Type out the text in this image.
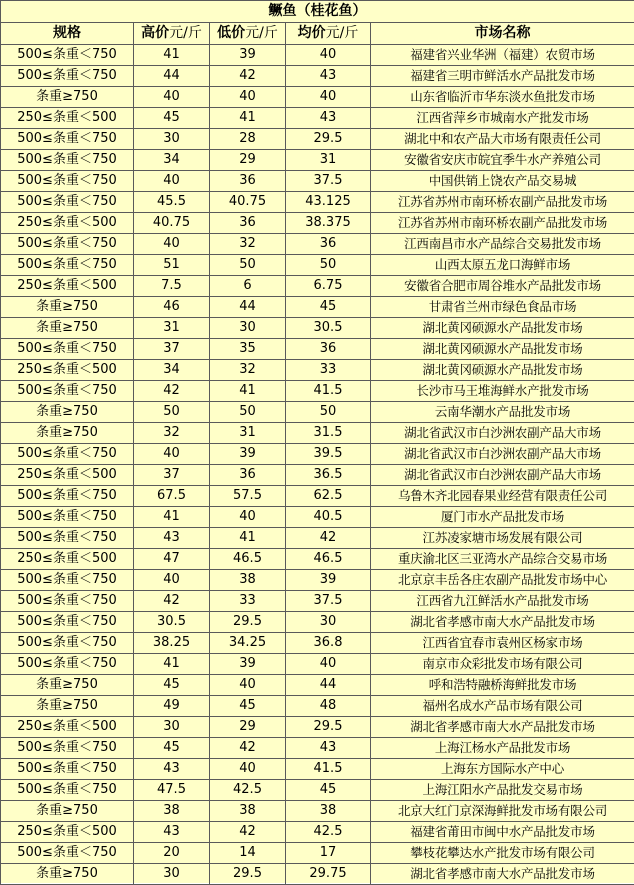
鳜鱼（桂花鱼）				
规格	高价元/斤	低价元/斤	均价元/斤	市场名称
500≤条重＜750	41	39	40	福建省兴业华洲（福建）农贸市场
500≤条重＜750	44	42	43	福建省三明市鲜活水产品批发市场
条重≥750	40	40	40	山东省临沂市华东淡水鱼批发市场
250≤条重＜500	45	41	43	江西省萍乡市城南水产批发市场
500≤条重＜750	30	28	29.5	湖北中和农产品大市场有限责任公司
500≤条重＜750	34	29	31	安徽省安庆市皖宜季牛水产养殖公司
500≤条重＜750	40	36	37.5	中国供销上饶农产品交易城
500≤条重＜750	45.5	40.75	43.125	江苏省苏州市南环桥农副产品批发市场
250≤条重＜500	40.75	36	38.375	江苏省苏州市南环桥农副产品批发市场
500≤条重＜750	40	32	36	江西南昌市水产品综合交易批发市场
500≤条重＜750	51	50	50	山西太原五龙口海鲜市场
250≤条重＜500	7.5	6	6.75	安徽省合肥市周谷堆水产品批发市场
条重≥750	46	44	45	甘肃省兰州市绿色食品市场
条重≥750	31	30	30.5	湖北黄冈硕源水产品批发市场
500≤条重＜750	37	35	36	湖北黄冈硕源水产品批发市场
250≤条重＜500	34	32	33	湖北黄冈硕源水产品批发市场
500≤条重＜750	42	41	41.5	长沙市马王堆海鲜水产批发市场
条重≥750	50	50	50	云南华潮水产品批发市场
条重≥750	32	31	31.5	湖北省武汉市白沙洲农副产品大市场
500≤条重＜750	40	39	39.5	湖北省武汉市白沙洲农副产品大市场
250≤条重＜500	37	36	36.5	湖北省武汉市白沙洲农副产品大市场
500≤条重＜750	67.5	57.5	62.5	乌鲁木齐北园春果业经营有限责任公司
500≤条重＜750	41	40	40.5	厦门市水产品批发市场
500≤条重＜750	43	41	42	江苏凌家塘市场发展有限公司
250≤条重＜500	47	46.5	46.5	重庆渝北区三亚湾水产品综合交易市场
500≤条重＜750	40	38	39	北京京丰岳各庄农副产品批发市场中心
500≤条重＜750	42	33	37.5	江西省九江鲜活水产品批发市场
500≤条重＜750	30.5	29.5	30	湖北省孝感市南大水产品批发市场
500≤条重＜750	38.25	34.25	36.8	江西省宜春市袁州区杨家市场
500≤条重＜750	41	39	40	南京市众彩批发市场有限公司
条重≥750	45	40	44	呼和浩特融桥海鲜批发市场
条重≥750	49	45	48	福州名成水产品市场有限公司
250≤条重＜500	30	29	29.5	湖北省孝感市南大水产品批发市场
500≤条重＜750	45	42	43	上海江杨水产品批发市场
500≤条重＜750	43	40	41.5	上海东方国际水产中心
500≤条重＜750	47.5	42.5	45	上海江阳水产品批发交易市场
条重≥750	38	38	38	北京大红门京深海鲜批发市场有限公司
250≤条重＜500	43	42	42.5	福建省莆田市闽中水产品批发市场
500≤条重＜750	20	14	17	攀枝花攀达水产批发市场有限公司
条重≥750	30	29.5	29.75	湖北省孝感市南大水产品批发市场
